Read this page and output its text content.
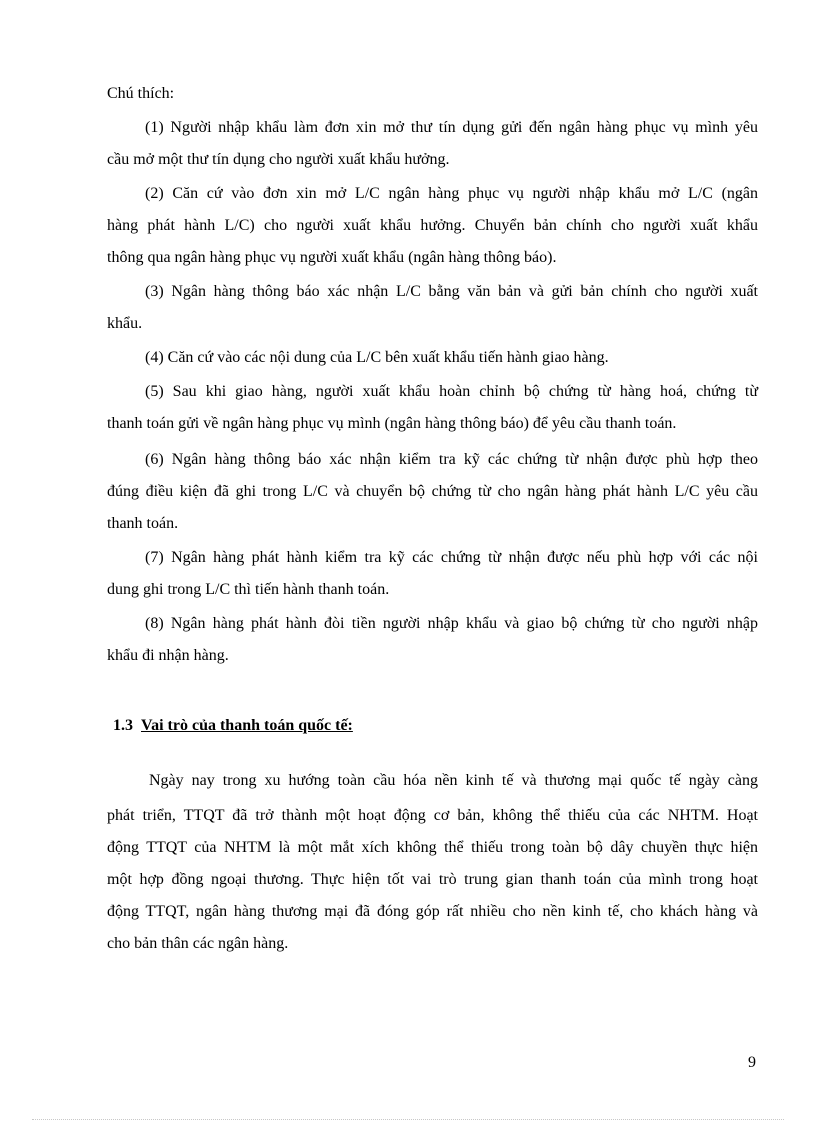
Chú thích:
(1) Người nhập khẩu làm đơn xin mở thư tín dụng gửi đến ngân hàng phục vụ mình yêu
cầu mở một thư tín dụng cho người xuất khẩu hưởng.
(2) Căn cứ vào đơn xin mở L/C ngân hàng phục vụ người nhập khẩu mở L/C (ngân
hàng phát hành L/C) cho người xuất khẩu hưởng. Chuyển bản chính cho người xuất khẩu
thông qua ngân hàng phục vụ người xuất khẩu (ngân hàng thông báo).
(3) Ngân hàng thông báo xác nhận L/C bằng văn bản và gửi bản chính cho người xuất
khẩu.
(4) Căn cứ vào các nội dung của L/C bên xuất khẩu tiến hành giao hàng.
(5) Sau khi giao hàng, người xuất khẩu hoàn chỉnh bộ chứng từ hàng hoá, chứng từ
thanh toán gửi về ngân hàng phục vụ mình (ngân hàng thông báo) để yêu cầu thanh toán.
(6) Ngân hàng thông báo xác nhận kiểm tra kỹ các chứng từ nhận được phù hợp theo
đúng điều kiện đã ghi trong L/C và chuyển bộ chứng từ cho ngân hàng phát hành L/C yêu cầu
thanh toán.
(7) Ngân hàng phát hành kiểm tra kỹ các chứng từ nhận được nếu phù hợp với các nội
dung ghi trong L/C thì tiến hành thanh toán.
(8) Ngân hàng phát hành đòi tiền người nhập khẩu và giao bộ chứng từ cho người nhập
khẩu đi nhận hàng.
1.3 Vai trò của thanh toán quốc tế:
Ngày nay trong xu hướng toàn cầu hóa nền kinh tế và thương mại quốc tế ngày càng
phát triển, TTQT đã trở thành một hoạt động cơ bản, không thể thiếu của các NHTM. Hoạt
động TTQT của NHTM là một mắt xích không thể thiếu trong toàn bộ dây chuyền thực hiện
một hợp đồng ngoại thương. Thực hiện tốt vai trò trung gian thanh toán của mình trong hoạt
động TTQT, ngân hàng thương mại đã đóng góp rất nhiều cho nền kinh tế, cho khách hàng và
cho bản thân các ngân hàng.
9
